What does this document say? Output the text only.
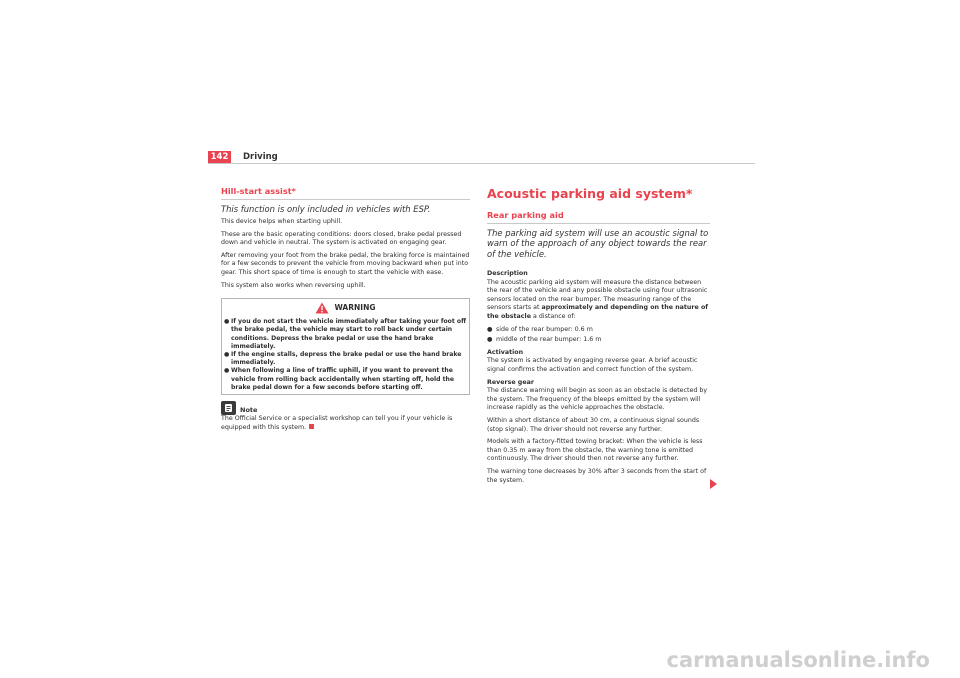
142	Driving
Hill-start assist*
This function is only included in vehicles with ESP.

This device helps when starting uphill.

These are the basic operating conditions: doors closed, brake pedal pressed down and vehicle in neutral. The system is activated on engaging gear.

After removing your foot from the brake pedal, the braking force is maintained for a few seconds to prevent the vehicle from moving backward when put into gear. This short space of time is enough to start the vehicle with ease.

This system also works when reversing uphill.

WARNING
● If you do not start the vehicle immediately after taking your foot off the brake pedal, the vehicle may start to roll back under certain conditions. Depress the brake pedal or use the hand brake immediately.
● If the engine stalls, depress the brake pedal or use the hand brake immediately.
● When following a line of traffic uphill, if you want to prevent the vehicle from rolling back accidentally when starting off, hold the brake pedal down for a few seconds before starting off.
Note

The Official Service or a specialist workshop can tell you if your vehicle is equipped with this system.

Acoustic parking aid system*
Rear parking aid
The parking aid system will use an acoustic signal to warn of the approach of any object towards the rear of the vehicle.
Description

The acoustic parking aid system will measure the distance between the rear of the vehicle and any possible obstacle using four ultrasonic sensors located on the rear bumper. The measuring range of the sensors starts at approximately and depending on the nature of the obstacle a distance of:

● side of the rear bumper: 0.6 m
● middle of the rear bumper: 1.6 m
Activation

The system is activated by engaging reverse gear. A brief acoustic signal confirms the activation and correct function of the system.

Reverse gear

The distance warning will begin as soon as an obstacle is detected by the system. The frequency of the bleeps emitted by the system will increase rapidly as the vehicle approaches the obstacle.

Within a short distance of about 30 cm, a continuous signal sounds (stop signal). The driver should not reverse any further.

Models with a factory-fitted towing bracket: When the vehicle is less than 0.35 m away from the obstacle, the warning tone is emitted continuously. The driver should then not reverse any further.

The warning tone decreases by 30% after 3 seconds from the start of the system.

carmanualsonline.info
